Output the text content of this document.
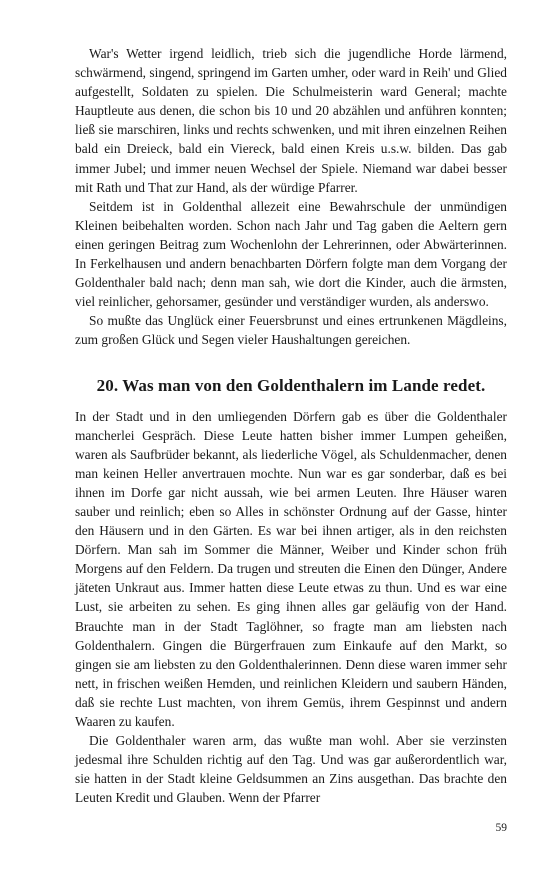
War's Wetter irgend leidlich, trieb sich die jugendliche Horde lärmend, schwärmend, singend, springend im Garten umher, oder ward in Reih' und Glied aufgestellt, Soldaten zu spielen. Die Schulmeisterin ward General; machte Hauptleute aus denen, die schon bis 10 und 20 abzählen und anführen konnten; ließ sie marschiren, links und rechts schwenken, und mit ihren einzelnen Reihen bald ein Dreieck, bald ein Viereck, bald einen Kreis u.s.w. bilden. Das gab immer Jubel; und immer neuen Wechsel der Spiele. Niemand war dabei besser mit Rath und That zur Hand, als der würdige Pfarrer.

Seitdem ist in Goldenthal allezeit eine Bewahrschule der unmündigen Kleinen beibehalten worden. Schon nach Jahr und Tag gaben die Aeltern gern einen geringen Beitrag zum Wochenlohn der Lehrerinnen, oder Abwärterinnen. In Ferkelhausen und andern benachbarten Dörfern folgte man dem Vorgang der Goldenthaler bald nach; denn man sah, wie dort die Kinder, auch die ärmsten, viel reinlicher, gehorsamer, gesünder und verständiger wurden, als anderswo.

So mußte das Unglück einer Feuersbrunst und eines ertrunkenen Mägdleins, zum großen Glück und Segen vieler Haushaltungen gereichen.

20. Was man von den Goldenthalern im Lande redet.

In der Stadt und in den umliegenden Dörfern gab es über die Goldenthaler mancherlei Gespräch. Diese Leute hatten bisher immer Lumpen geheißen, waren als Saufbrüder bekannt, als liederliche Vögel, als Schuldenmacher, denen man keinen Heller anvertrauen mochte. Nun war es gar sonderbar, daß es bei ihnen im Dorfe gar nicht aussah, wie bei armen Leuten. Ihre Häuser waren sauber und reinlich; eben so Alles in schönster Ordnung auf der Gasse, hinter den Häusern und in den Gärten. Es war bei ihnen artiger, als in den reichsten Dörfern. Man sah im Sommer die Männer, Weiber und Kinder schon früh Morgens auf den Feldern. Da trugen und streuten die Einen den Dünger, Andere jäteten Unkraut aus. Immer hatten diese Leute etwas zu thun. Und es war eine Lust, sie arbeiten zu sehen. Es ging ihnen alles gar geläufig von der Hand. Brauchte man in der Stadt Taglöhner, so fragte man am liebsten nach Goldenthalern. Gingen die Bürgerfrauen zum Einkaufe auf den Markt, so gingen sie am liebsten zu den Goldenthalerinnen. Denn diese waren immer sehr nett, in frischen weißen Hemden, und reinlichen Kleidern und saubern Händen, daß sie rechte Lust machten, von ihrem Gemüs, ihrem Gespinnst und andern Waaren zu kaufen.

Die Goldenthaler waren arm, das wußte man wohl. Aber sie verzinsten jedesmal ihre Schulden richtig auf den Tag. Und was gar außerordentlich war, sie hatten in der Stadt kleine Geldsummen an Zins ausgethan. Das brachte den Leuten Kredit und Glauben. Wenn der Pfarrer

59
